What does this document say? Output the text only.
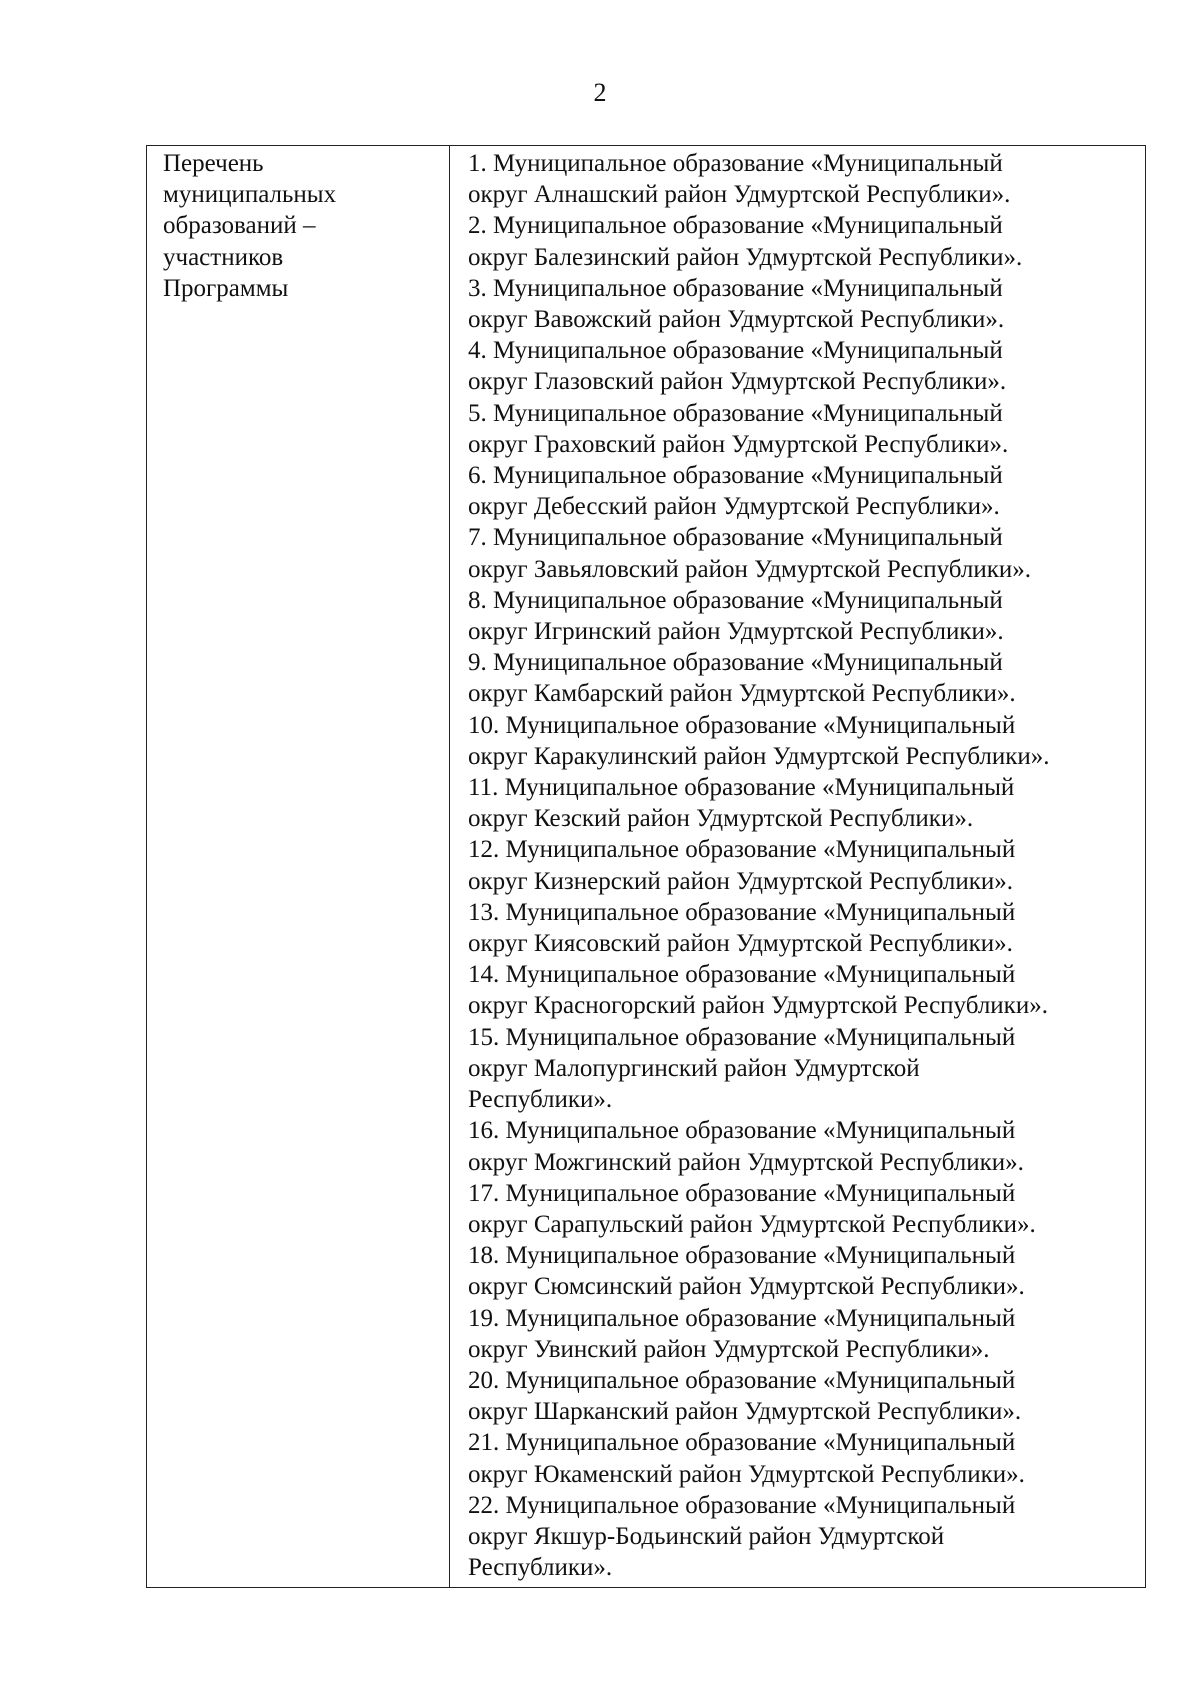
2
Перечень
муниципальных
образований –
участников
Программы
1. Муниципальное образование «Муниципальный
округ Алнашский район Удмуртской Республики».
2. Муниципальное образование «Муниципальный
округ Балезинский район Удмуртской Республики».
3. Муниципальное образование «Муниципальный
округ Вавожский район Удмуртской Республики».
4. Муниципальное образование «Муниципальный
округ Глазовский район Удмуртской Республики».
5. Муниципальное образование «Муниципальный
округ Граховский район Удмуртской Республики».
6. Муниципальное образование «Муниципальный
округ Дебесский район Удмуртской Республики».
7. Муниципальное образование «Муниципальный
округ Завьяловский район Удмуртской Республики».
8. Муниципальное образование «Муниципальный
округ Игринский район Удмуртской Республики».
9. Муниципальное образование «Муниципальный
округ Камбарский район Удмуртской Республики».
10. Муниципальное образование «Муниципальный
округ Каракулинский район Удмуртской Республики».
11. Муниципальное образование «Муниципальный
округ Кезский район Удмуртской Республики».
12. Муниципальное образование «Муниципальный
округ Кизнерский район Удмуртской Республики».
13. Муниципальное образование «Муниципальный
округ Киясовский район Удмуртской Республики».
14. Муниципальное образование «Муниципальный
округ Красногорский район Удмуртской Республики».
15. Муниципальное образование «Муниципальный
округ Малопургинский район Удмуртской
Республики».
16. Муниципальное образование «Муниципальный
округ Можгинский район Удмуртской Республики».
17. Муниципальное образование «Муниципальный
округ Сарапульский район Удмуртской Республики».
18. Муниципальное образование «Муниципальный
округ Сюмсинский район Удмуртской Республики».
19. Муниципальное образование «Муниципальный
округ Увинский район Удмуртской Республики».
20. Муниципальное образование «Муниципальный
округ Шарканский район Удмуртской Республики».
21. Муниципальное образование «Муниципальный
округ Юкаменский район Удмуртской Республики».
22. Муниципальное образование «Муниципальный
округ Якшур-Бодьинский район Удмуртской
Республики».
